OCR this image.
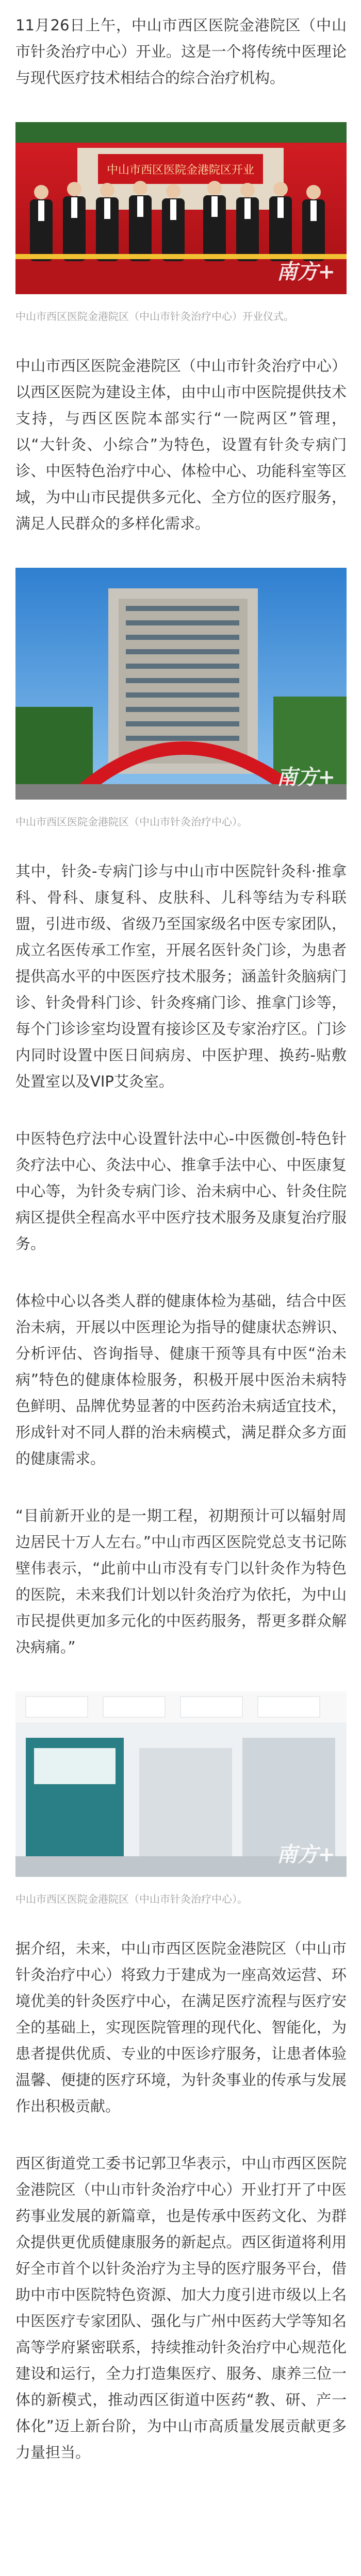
11月26日上午，中山市西区医院金港院区（中山市针灸治疗中心）开业。这是一个将传统中医理论与现代医疗技术相结合的综合治疗机构。

中山市西区医院金港院区开业
南方+
中山市西区医院金港院区（中山市针灸治疗中心）开业仪式。

中山市西区医院金港院区（中山市针灸治疗中心）以西区医院为建设主体，由中山市中医院提供技术支持，与西区医院本部实行“一院两区”管理，以“大针灸、小综合”为特色，设置有针灸专病门诊、中医特色治疗中心、体检中心、功能科室等区域，为中山市民提供多元化、全方位的医疗服务，满足人民群众的多样化需求。

南方+
中山市西区医院金港院区（中山市针灸治疗中心）。

其中，针灸-专病门诊与中山市中医院针灸科·推拿科、骨科、康复科、皮肤科、儿科等结为专科联盟，引进市级、省级乃至国家级名中医专家团队，成立名医传承工作室，开展名医针灸门诊，为患者提供高水平的中医医疗技术服务；涵盖针灸脑病门诊、针灸骨科门诊、针灸疼痛门诊、推拿门诊等，每个门诊诊室均设置有接诊区及专家治疗区。门诊内同时设置中医日间病房、中医护理、换药-贴敷处置室以及VIP艾灸室。

中医特色疗法中心设置针法中心-中医微创-特色针灸疗法中心、灸法中心、推拿手法中心、中医康复中心等，为针灸专病门诊、治未病中心、针灸住院病区提供全程高水平中医疗技术服务及康复治疗服务。

体检中心以各类人群的健康体检为基础，结合中医治未病，开展以中医理论为指导的健康状态辨识、分析评估、咨询指导、健康干预等具有中医“治未病”特色的健康体检服务，积极开展中医治未病特色鲜明、品牌优势显著的中医药治未病适宜技术，形成针对不同人群的治未病模式，满足群众多方面的健康需求。

“目前新开业的是一期工程，初期预计可以辐射周边居民十万人左右。”中山市西区医院党总支书记陈壁伟表示，“此前中山市没有专门以针灸作为特色的医院，未来我们计划以针灸治疗为依托，为中山市民提供更加多元化的中医药服务，帮更多群众解决病痛。”

南方+
中山市西区医院金港院区（中山市针灸治疗中心）。

据介绍，未来，中山市西区医院金港院区（中山市针灸治疗中心）将致力于建成为一座高效运营、环境优美的针灸医疗中心，在满足医疗流程与医疗安全的基础上，实现医院管理的现代化、智能化，为患者提供优质、专业的中医诊疗服务，让患者体验温馨、便捷的医疗环境，为针灸事业的传承与发展作出积极贡献。

西区街道党工委书记郭卫华表示，中山市西区医院金港院区（中山市针灸治疗中心）开业打开了中医药事业发展的新篇章，也是传承中医药文化、为群众提供更优质健康服务的新起点。西区街道将利用好全市首个以针灸治疗为主导的医疗服务平台，借助中市中医院特色资源、加大力度引进市级以上名中医医疗专家团队、强化与广州中医药大学等知名高等学府紧密联系，持续推动针灸治疗中心规范化建设和运行，全力打造集医疗、服务、康养三位一体的新模式，推动西区街道中医药“教、研、产一体化”迈上新台阶，为中山市高质量发展贡献更多力量担当。
